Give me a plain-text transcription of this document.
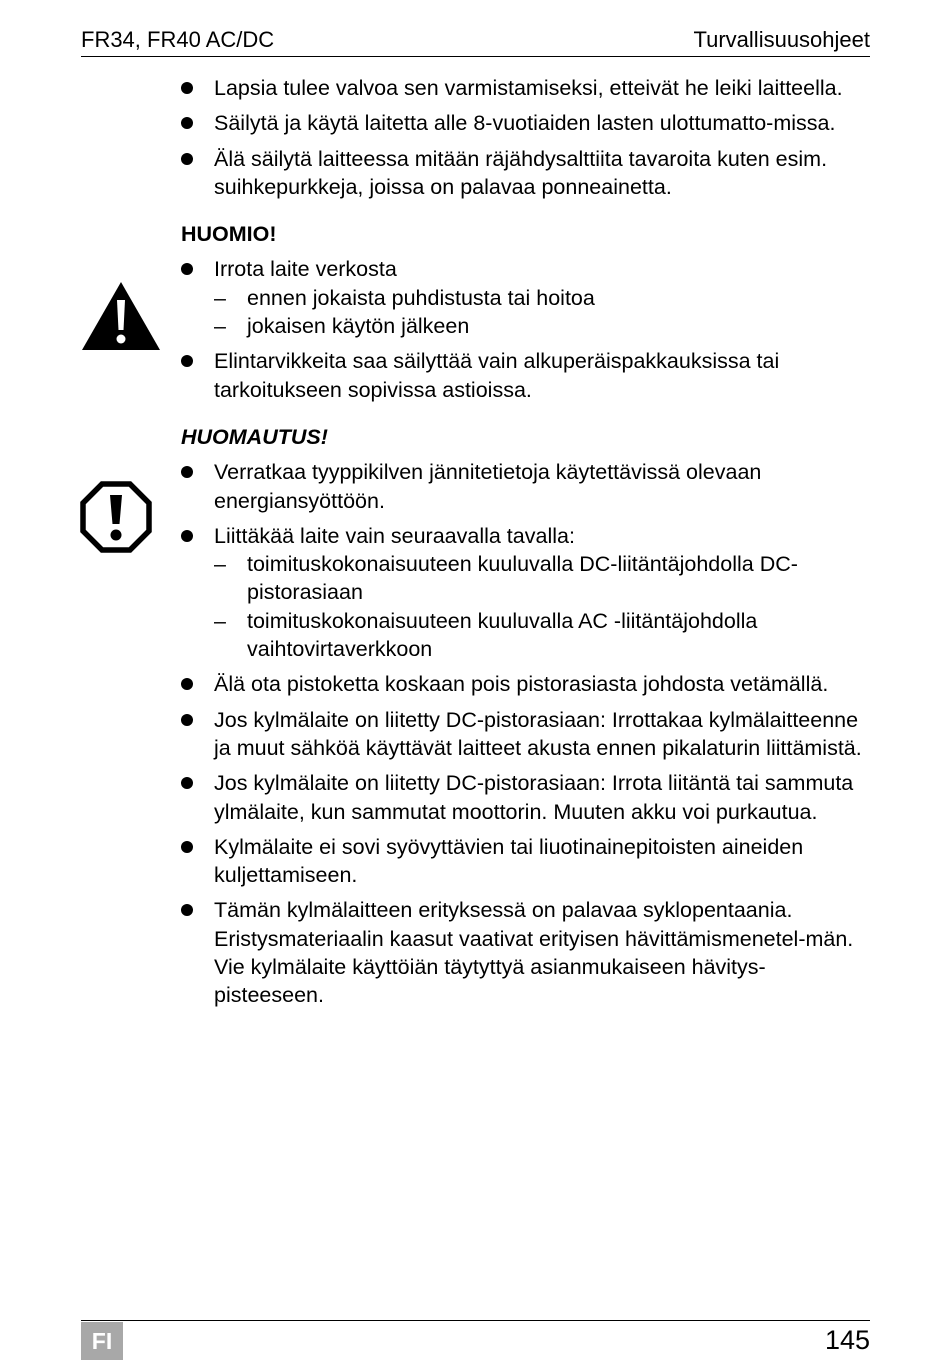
FR34, FR40 AC/DC	Turvallisuusohjeet
Lapsia tulee valvoa sen varmistamiseksi, etteivät he leiki laitteella.
Säilytä ja käytä laitetta alle 8-vuotiaiden lasten ulottumatto-missa.
Älä säilytä laitteessa mitään räjähdysalttiita tavaroita kuten esim. suihkepurkkeja, joissa on palavaa ponneainetta.
HUOMIO!
Irrota laite verkosta
– ennen jokaista puhdistusta tai hoitoa
– jokaisen käytön jälkeen
Elintarvikkeita saa säilyttää vain alkuperäispakkauksissa tai tarkoitukseen sopivissa astioissa.
HUOMAUTUS!
Verratkaa tyyppikilven jännitetietoja käytettävissä olevaan energiansyöttöön.
Liittäkää laite vain seuraavalla tavalla:
– toimituskokonaisuuteen kuuluvalla DC-liitäntäjohdolla DC-pistorasiaan
– toimituskokonaisuuteen kuuluvalla AC -liitäntäjohdolla vaihtovirtaverkkoon
Älä ota pistoketta koskaan pois pistorasiasta johdosta vetämällä.
Jos kylmälaite on liitetty DC-pistorasiaan: Irrottakaa kylmälaitteenne ja muut sähköä käyttävät laitteet akusta ennen pikalaturin liittämistä.
Jos kylmälaite on liitetty DC-pistorasiaan: Irrota liitäntä tai sammuta ylmälaite, kun sammutat moottorin. Muuten akku voi purkautua.
Kylmälaite ei sovi syövyttävien tai liuotinainepitoisten aineiden kuljettamiseen.
Tämän kylmälaitteen erityksessä on palavaa syklopentaania. Eristysmateriaalin kaasut vaativat erityisen hävittämismenetel-män. Vie kylmälaite käyttöiän täytyttyä asianmukaiseen hävitys-pisteeseen.
FI	145
